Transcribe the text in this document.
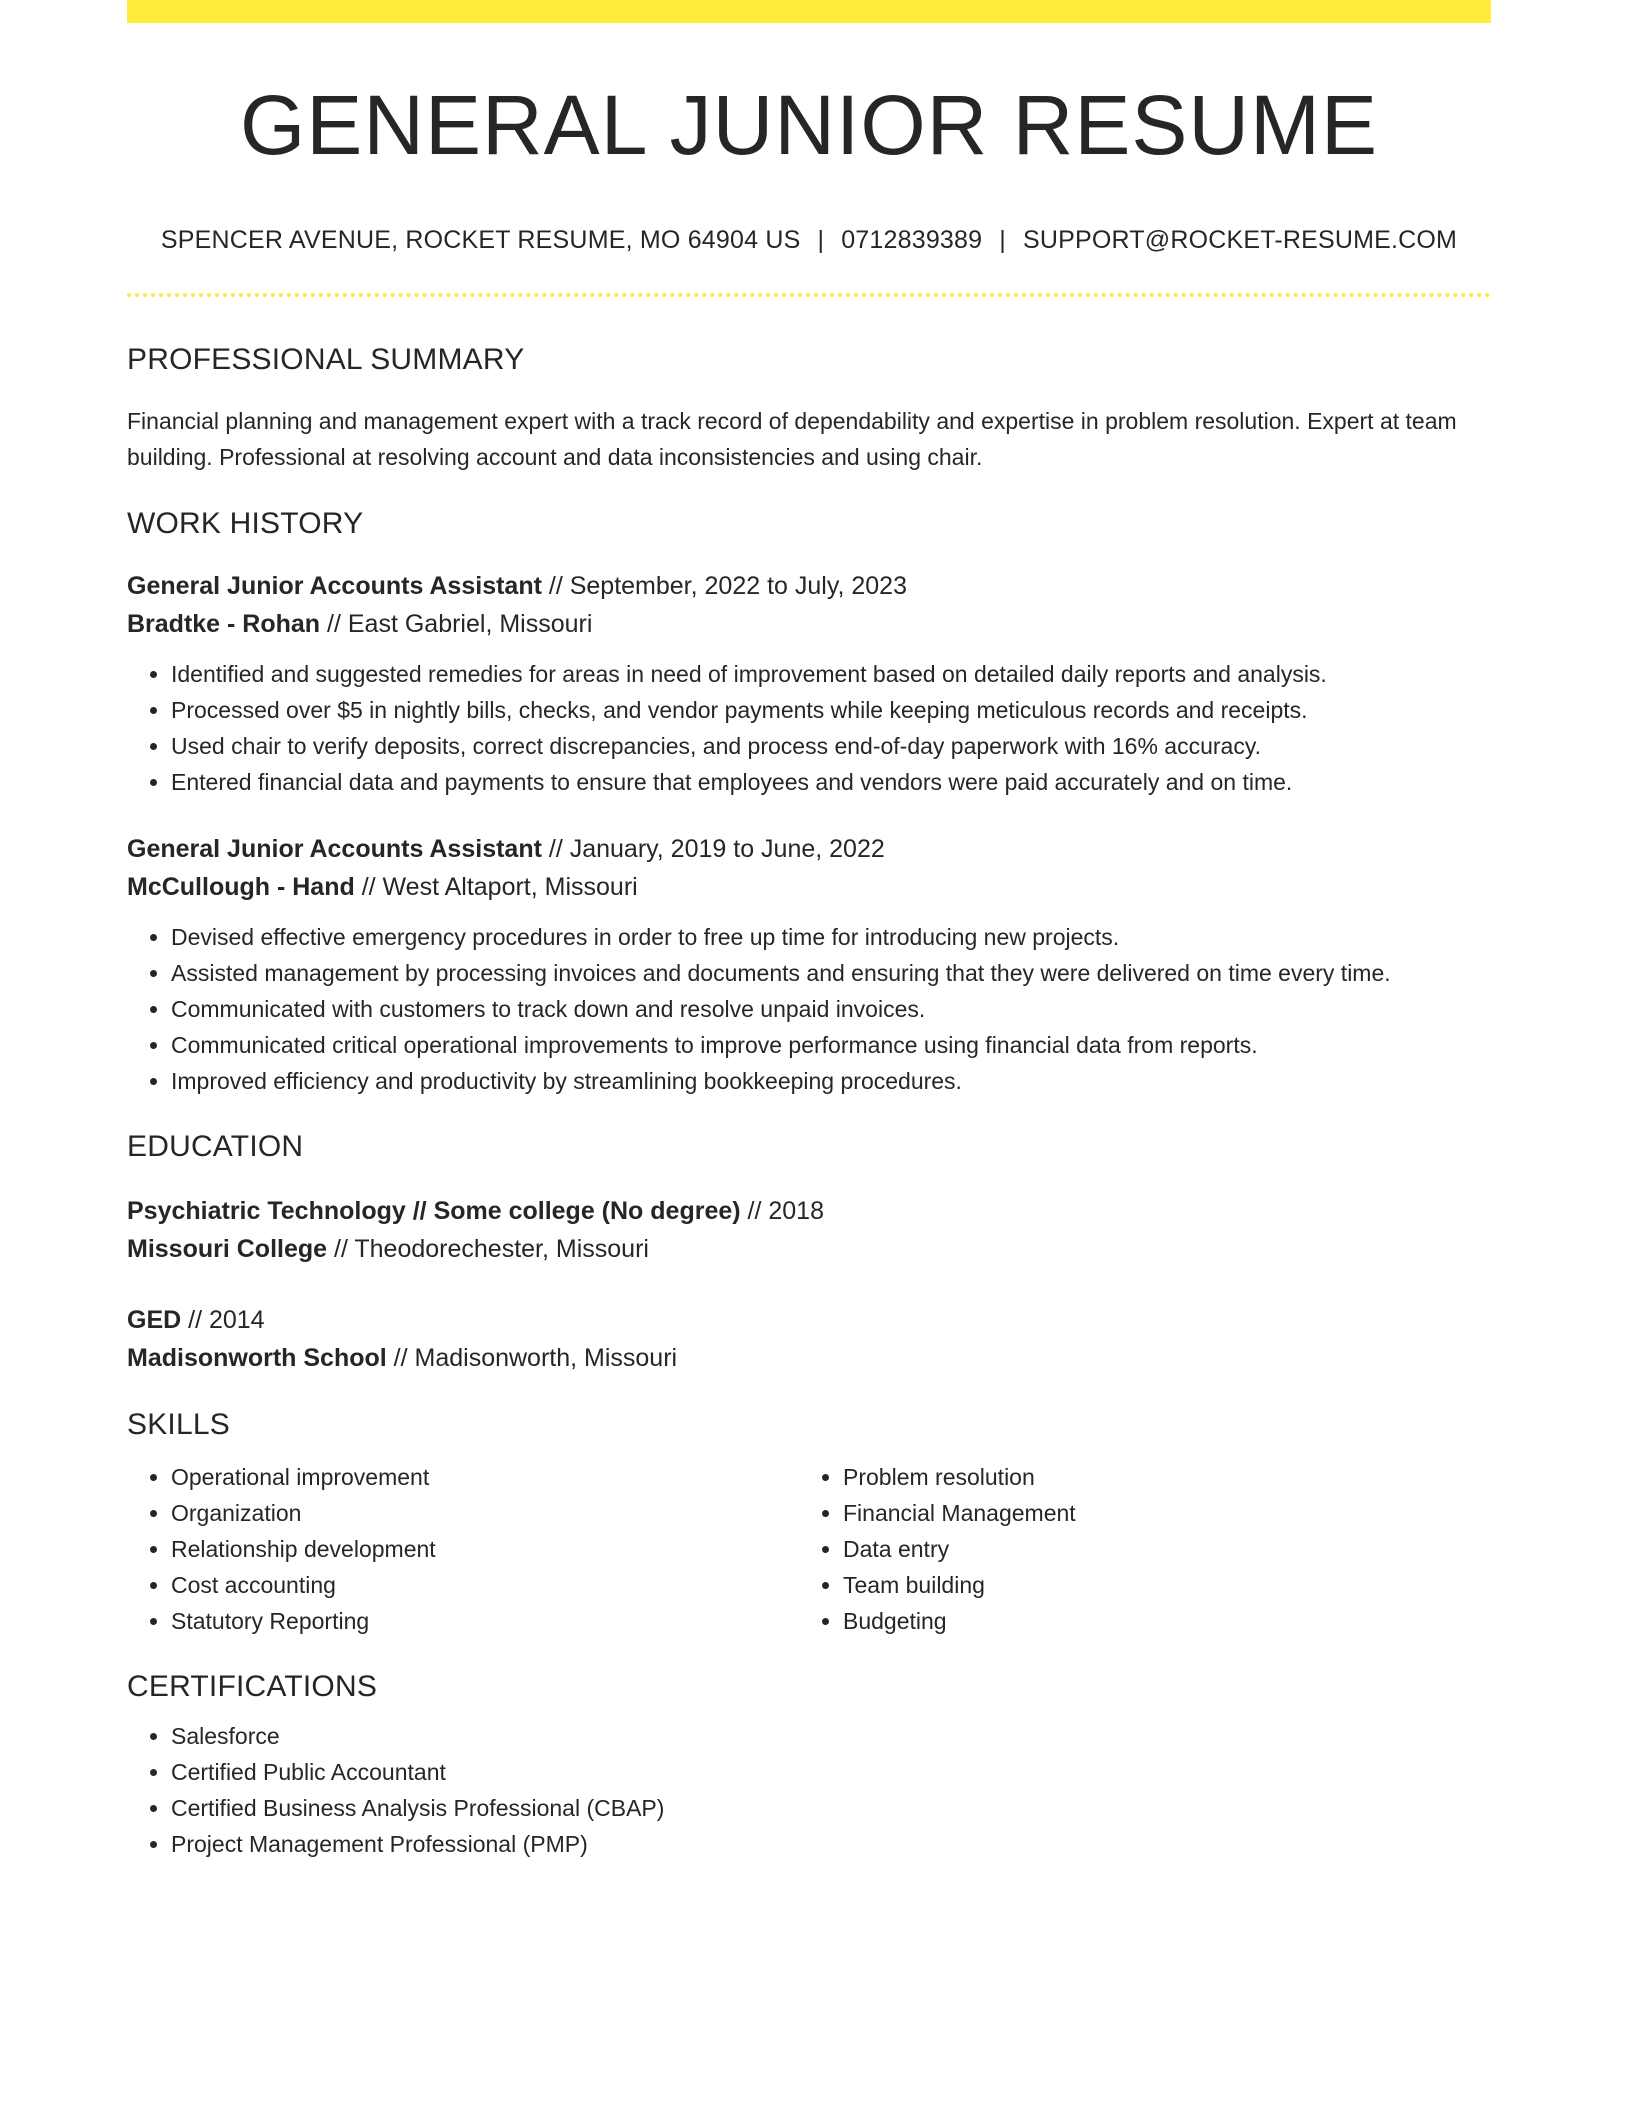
GENERAL JUNIOR RESUME
SPENCER AVENUE, ROCKET RESUME, MO 64904 US | 0712839389 | SUPPORT@ROCKET-RESUME.COM
PROFESSIONAL SUMMARY
Financial planning and management expert with a track record of dependability and expertise in problem resolution. Expert at team building. Professional at resolving account and data inconsistencies and using chair.
WORK HISTORY
General Junior Accounts Assistant // September, 2022 to July, 2023
Bradtke - Rohan // East Gabriel, Missouri
• Identified and suggested remedies for areas in need of improvement based on detailed daily reports and analysis.
• Processed over $5 in nightly bills, checks, and vendor payments while keeping meticulous records and receipts.
• Used chair to verify deposits, correct discrepancies, and process end-of-day paperwork with 16% accuracy.
• Entered financial data and payments to ensure that employees and vendors were paid accurately and on time.
General Junior Accounts Assistant // January, 2019 to June, 2022
McCullough - Hand // West Altaport, Missouri
• Devised effective emergency procedures in order to free up time for introducing new projects.
• Assisted management by processing invoices and documents and ensuring that they were delivered on time every time.
• Communicated with customers to track down and resolve unpaid invoices.
• Communicated critical operational improvements to improve performance using financial data from reports.
• Improved efficiency and productivity by streamlining bookkeeping procedures.
EDUCATION
Psychiatric Technology // Some college (No degree) // 2018
Missouri College // Theodorechester, Missouri
GED // 2014
Madisonworth School // Madisonworth, Missouri
SKILLS
• Operational improvement
• Organization
• Relationship development
• Cost accounting
• Statutory Reporting
• Problem resolution
• Financial Management
• Data entry
• Team building
• Budgeting
CERTIFICATIONS
• Salesforce
• Certified Public Accountant
• Certified Business Analysis Professional (CBAP)
• Project Management Professional (PMP)
